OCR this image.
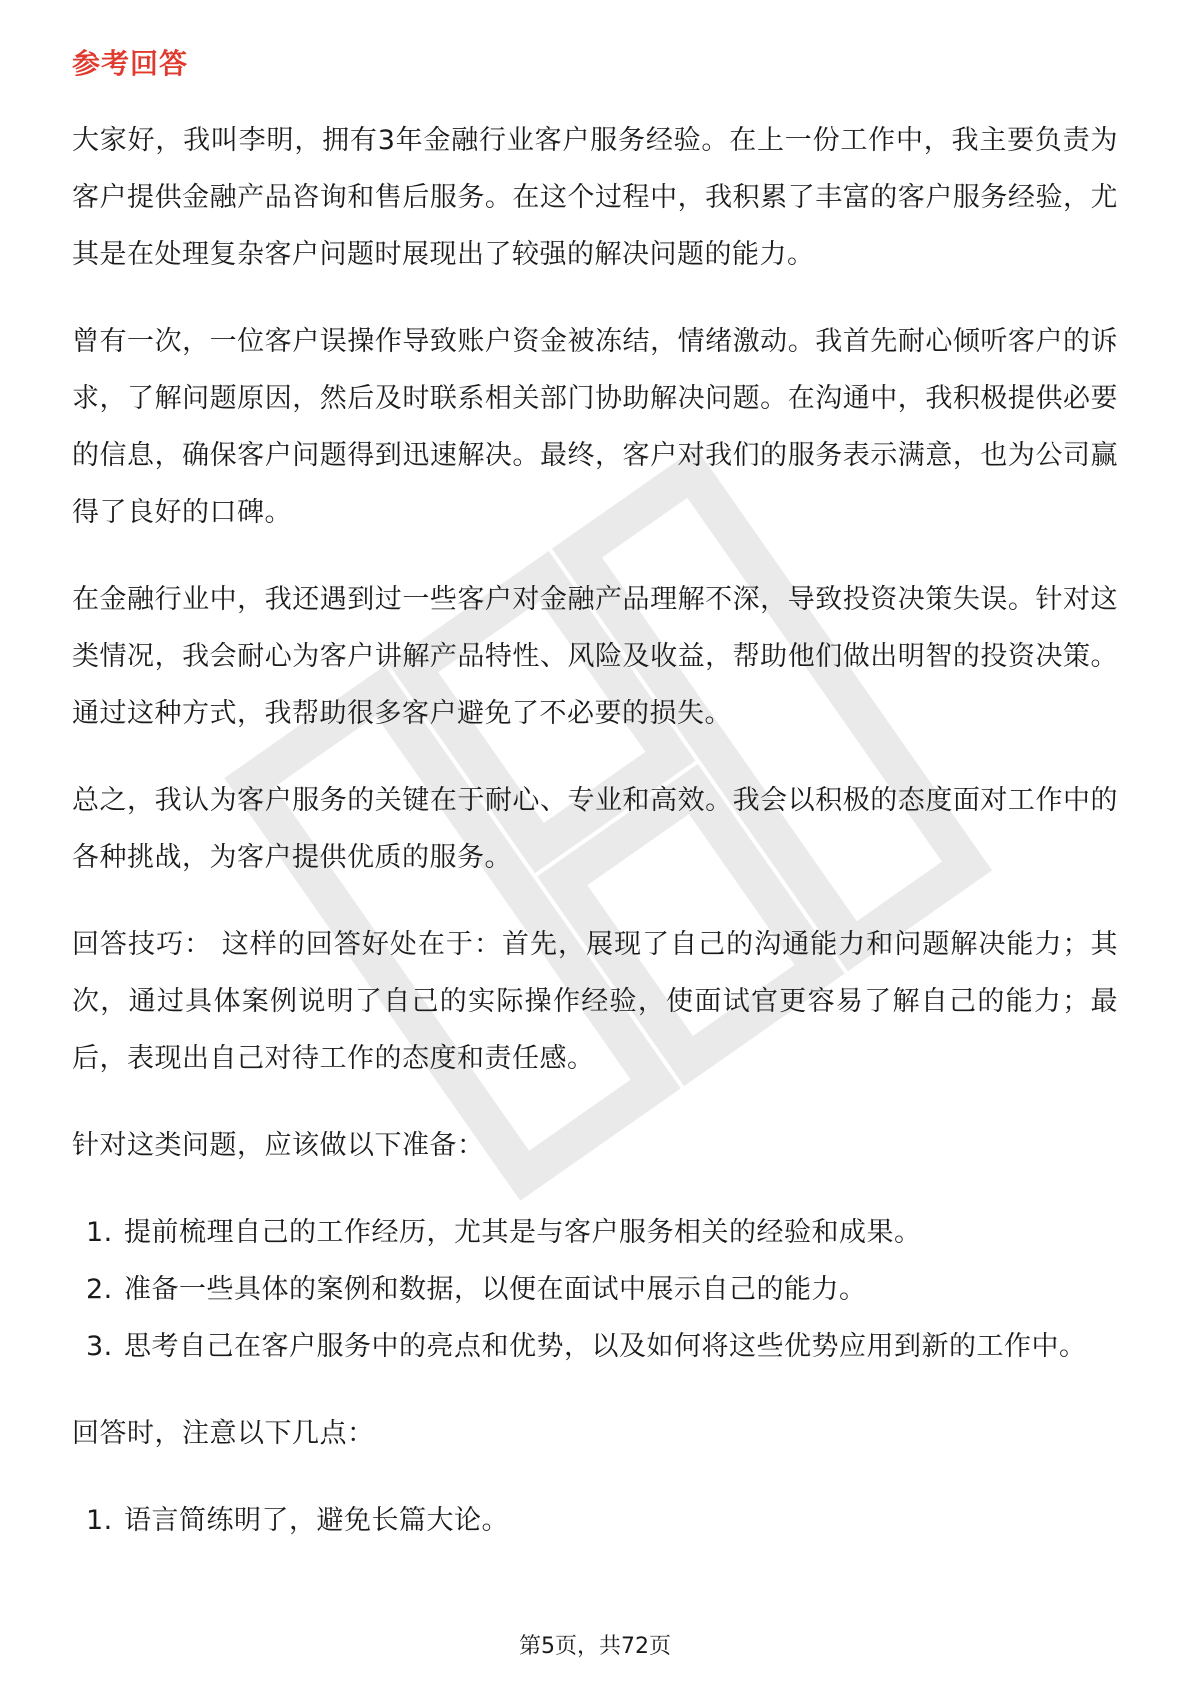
参考回答

大家好，我叫李明，拥有3年金融行业客户服务经验。在上一份工作中，我主要负责为客户提供金融产品咨询和售后服务。在这个过程中，我积累了丰富的客户服务经验，尤其是在处理复杂客户问题时展现出了较强的解决问题的能力。

曾有一次，一位客户误操作导致账户资金被冻结，情绪激动。我首先耐心倾听客户的诉求，了解问题原因，然后及时联系相关部门协助解决问题。在沟通中，我积极提供必要的信息，确保客户问题得到迅速解决。最终，客户对我们的服务表示满意，也为公司赢得了良好的口碑。

在金融行业中，我还遇到过一些客户对金融产品理解不深，导致投资决策失误。针对这类情况，我会耐心为客户讲解产品特性、风险及收益，帮助他们做出明智的投资决策。通过这种方式，我帮助很多客户避免了不必要的损失。

总之，我认为客户服务的关键在于耐心、专业和高效。我会以积极的态度面对工作中的各种挑战，为客户提供优质的服务。

回答技巧： 这样的回答好处在于：首先，展现了自己的沟通能力和问题解决能力；其次，通过具体案例说明了自己的实际操作经验，使面试官更容易了解自己的能力；最后，表现出自己对待工作的态度和责任感。

针对这类问题，应该做以下准备：

1. 提前梳理自己的工作经历，尤其是与客户服务相关的经验和成果。
2. 准备一些具体的案例和数据，以便在面试中展示自己的能力。
3. 思考自己在客户服务中的亮点和优势，以及如何将这些优势应用到新的工作中。

回答时，注意以下几点：

1. 语言简练明了，避免长篇大论。
第5页，共72页
